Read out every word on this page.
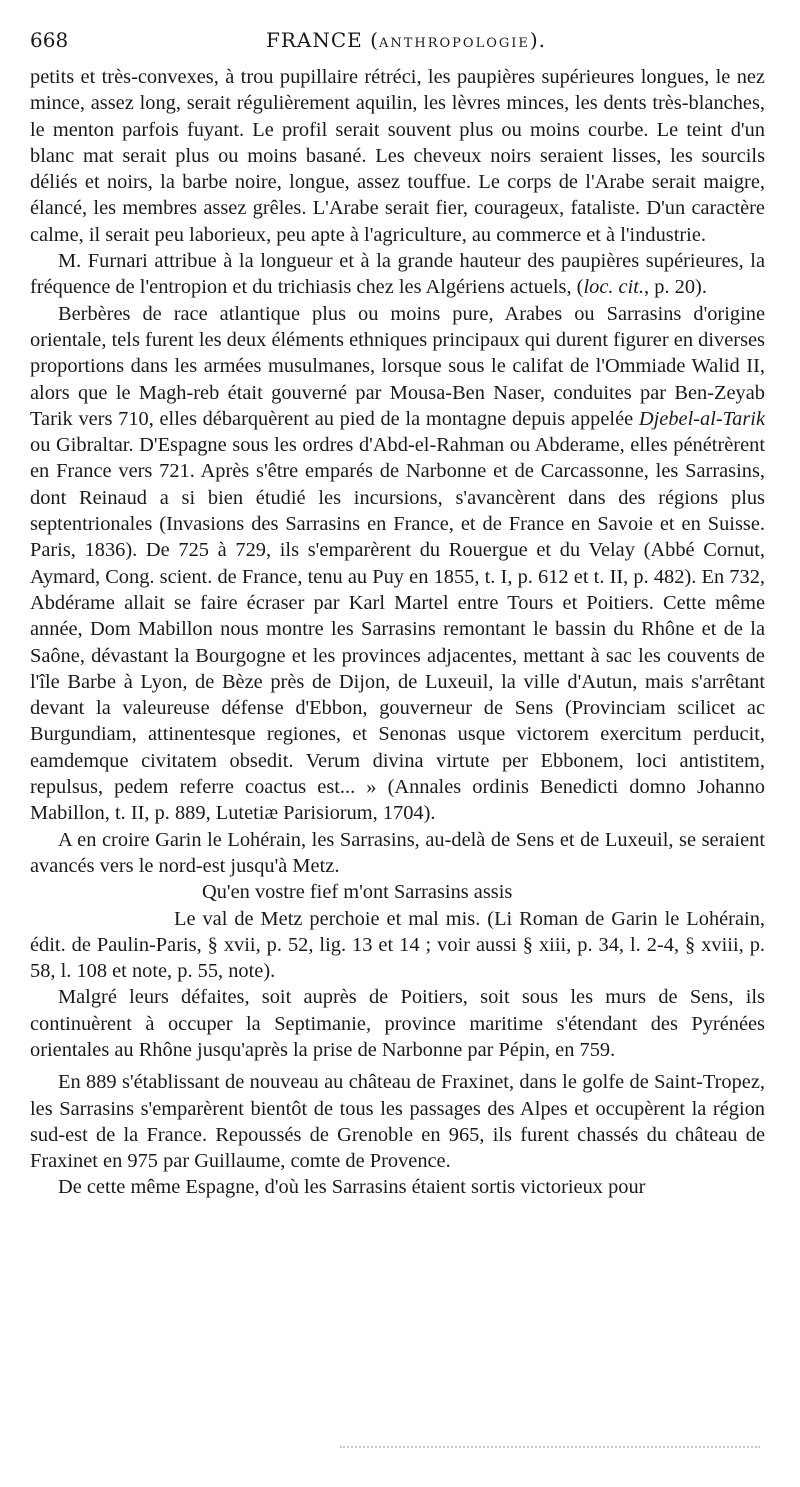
668	FRANCE (ANTHROPOLOGIE).

petits et très-convexes, à trou pupillaire rétréci, les paupières supérieures longues, le nez mince, assez long, serait régulièrement aquilin, les lèvres minces, les dents très-blanches, le menton parfois fuyant. Le profil serait souvent plus ou moins courbe. Le teint d'un blanc mat serait plus ou moins basané. Les cheveux noirs seraient lisses, les sourcils déliés et noirs, la barbe noire, longue, assez touffue. Le corps de l'Arabe serait maigre, élancé, les membres assez grêles. L'Arabe serait fier, courageux, fataliste. D'un caractère calme, il serait peu laborieux, peu apte à l'agriculture, au commerce et à l'industrie.

M. Furnari attribue à la longueur et à la grande hauteur des paupières supérieures, la fréquence de l'entropion et du trichiasis chez les Algériens actuels, (loc. cit., p. 20).

Berbères de race atlantique plus ou moins pure, Arabes ou Sarrasins d'origine orientale, tels furent les deux éléments ethniques principaux qui durent figurer en diverses proportions dans les armées musulmanes, lorsque sous le califat de l'Ommiade Walid II, alors que le Magh-reb était gouverné par Mousa-Ben Naser, conduites par Ben-Zeyab Tarik vers 710, elles débarquèrent au pied de la montagne depuis appelée Djebel-al-Tarik ou Gibraltar. D'Espagne sous les ordres d'Abd-el-Rahman ou Abderame, elles pénétrèrent en France vers 721. Après s'être emparés de Narbonne et de Carcassonne, les Sarrasins, dont Reinaud a si bien étudié les incursions, s'avancèrent dans des régions plus septentrionales (Invasions des Sarrasins en France, et de France en Savoie et en Suisse. Paris, 1836). De 725 à 729, ils s'emparèrent du Rouergue et du Velay (Abbé Cornut, Aymard, Cong. scient. de France, tenu au Puy en 1855, t. I, p. 612 et t. II, p. 482). En 732, Abdérame allait se faire écraser par Karl Martel entre Tours et Poitiers. Cette même année, Dom Mabillon nous montre les Sarrasins remontant le bassin du Rhône et de la Saône, dévastant la Bourgogne et les provinces adjacentes, mettant à sac les couvents de l'île Barbe à Lyon, de Bèze près de Dijon, de Luxeuil, la ville d'Autun, mais s'arrêtant devant la valeureuse défense d'Ebbon, gouverneur de Sens (Provinciam scilicet ac Burgundiam, attinentesque regiones, et Senonas usque victorem exercitum perducit, eamdemque civitatem obsedit. Verum divina virtute per Ebbonem, loci antistitem, repulsus, pedem referre coactus est... » (Annales ordinis Benedicti domno Johanno Mabillon, t. II, p. 889, Lutetiæ Parisiorum, 1704).

A en croire Garin le Lohérain, les Sarrasins, au-delà de Sens et de Luxeuil, se seraient avancés vers le nord-est jusqu'à Metz.

Qu'en vostre fief m'ont Sarrasins assis

Le val de Metz perchoie et mal mis. (Li Roman de Garin le Lohérain, édit. de Paulin-Paris, § xvii, p. 52, lig. 13 et 14 ; voir aussi § xiii, p. 34, l. 2-4, § xviii, p. 58, l. 108 et note, p. 55, note).

Malgré leurs défaites, soit auprès de Poitiers, soit sous les murs de Sens, ils continuèrent à occuper la Septimanie, province maritime s'étendant des Pyrénées orientales au Rhône jusqu'après la prise de Narbonne par Pépin, en 759.

En 889 s'établissant de nouveau au château de Fraxinet, dans le golfe de Saint-Tropez, les Sarrasins s'emparèrent bientôt de tous les passages des Alpes et occupèrent la région sud-est de la France. Repoussés de Grenoble en 965, ils furent chassés du château de Fraxinet en 975 par Guillaume, comte de Provence.

De cette même Espagne, d'où les Sarrasins étaient sortis victorieux pour
